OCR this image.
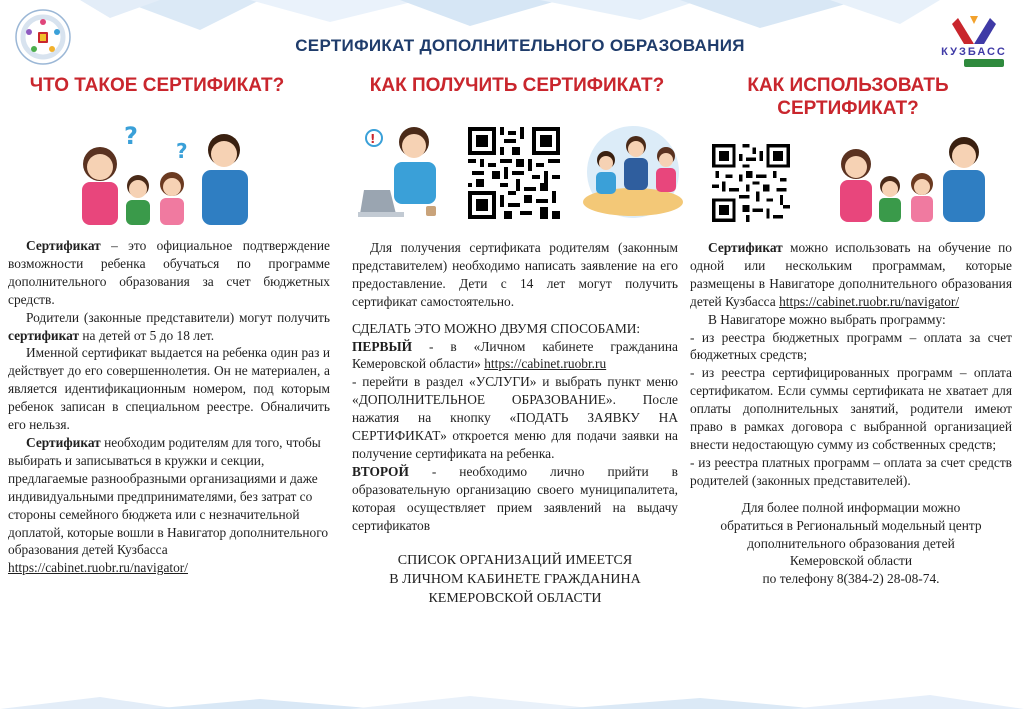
КУЗБАСС
СЕРТИФИКАТ ДОПОЛНИТЕЛЬНОГО ОБРАЗОВАНИЯ
ЧТО ТАКОЕ СЕРТИФИКАТ?	КАК ПОЛУЧИТЬ СЕРТИФИКАТ?	КАК ИСПОЛЬЗОВАТЬ СЕРТИФИКАТ?
?
?	!

Сертификат – это официальное подтверждение возможности ребенка обучаться по программе дополнительного образования за счет бюджетных средств.

Родители (законные представители) могут получить сертификат на детей от 5 до 18 лет.

Именной сертификат выдается на ребенка один раз и действует до его совершеннолетия. Он не материален, а является идентификационным номером, под которым ребенок записан в специальном реестре. Обналичить его нельзя.

Сертификат необходим родителям для того, чтобы выбирать и записываться в кружки и секции, предлагаемые разнообразными организациями и даже индивидуальными предпринимателями, без затрат со стороны семейного бюджета или с незначительной доплатой, которые вошли в Навигатор дополнительного образования детей Кузбасса
https://cabinet.ruobr.ru/navigator/

Для получения сертификата родителям (законным представителем) необходимо написать заявление на его предоставление. Дети с 14 лет могут получить сертификат самостоятельно.

СДЕЛАТЬ ЭТО МОЖНО ДВУМЯ СПОСОБАМИ:

ПЕРВЫЙ - в «Личном кабинете гражданина Кемеровской области» https://cabinet.ruobr.ru

- перейти в раздел «УСЛУГИ» и выбрать пункт меню «ДОПОЛНИТЕЛЬНОЕ ОБРАЗОВАНИЕ». После нажатия на кнопку «ПОДАТЬ ЗАЯВКУ НА СЕРТИФИКАТ» откроется меню для подачи заявки на получение сертификата на ребенка.

ВТОРОЙ - необходимо лично прийти в образовательную организацию своего муниципалитета, которая осуществляет прием заявлений на выдачу сертификатов

СПИСОК ОРГАНИЗАЦИЙ ИМЕЕТСЯ
В ЛИЧНОМ КАБИНЕТЕ ГРАЖДАНИНА
КЕМЕРОВСКОЙ ОБЛАСТИ

Сертификат можно использовать на обучение по одной или нескольким программам, которые размещены в Навигаторе дополнительного образования детей Кузбасса https://cabinet.ruobr.ru/navigator/

В Навигаторе можно выбрать программу:

- из реестра бюджетных программ – оплата за счет бюджетных средств;

- из реестра сертифицированных программ – оплата сертификатом. Если суммы сертификата не хватает для оплаты дополнительных занятий, родители имеют право в рамках договора с выбранной организацией внести недостающую сумму из собственных средств;

- из реестра платных программ – оплата за счет средств родителей (законных представителей).

Для более полной информации можно
обратиться в Региональный модельный центр
дополнительного образования детей
Кемеровской области
по телефону 8(384-2) 28-08-74.
